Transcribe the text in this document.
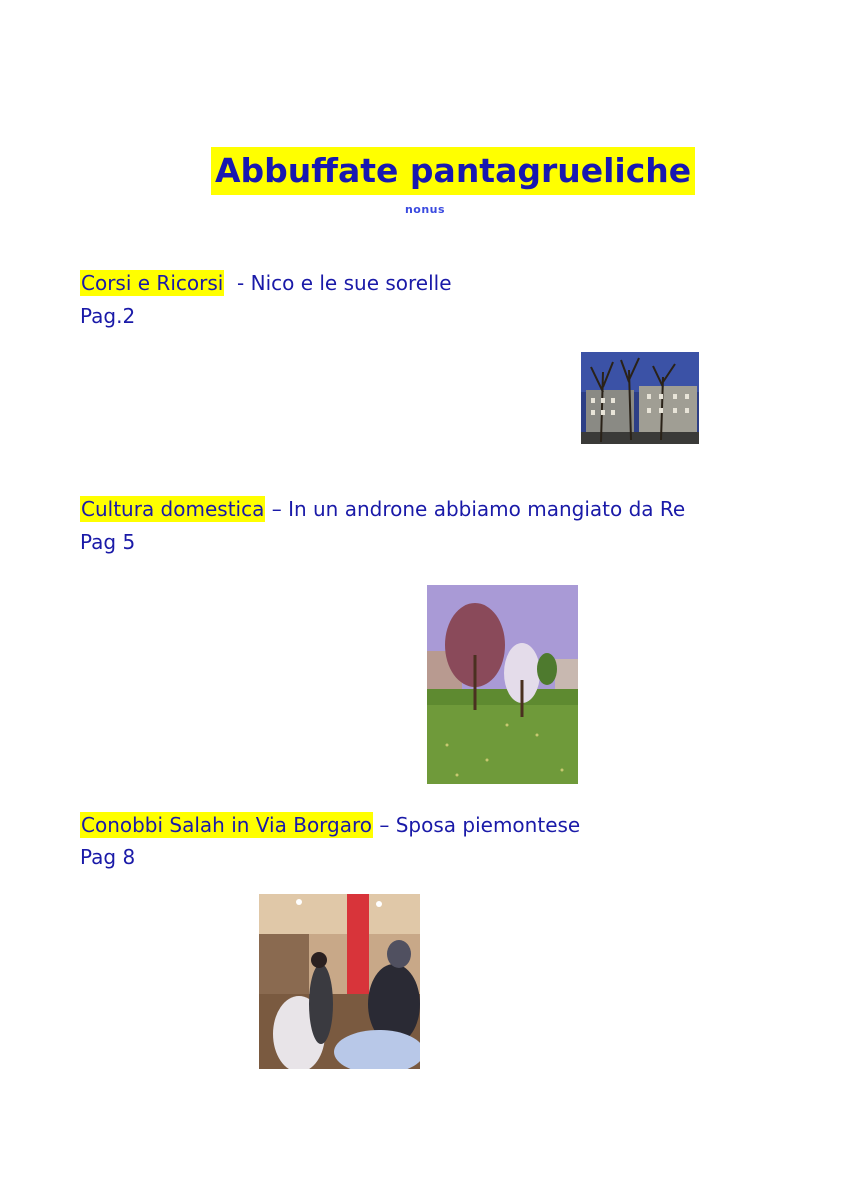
Abbuffate pantagrueliche
nonus
Corsi e Ricorsi  - Nico e le sue sorelle
Pag.2
Cultura domestica – In un androne abbiamo mangiato da Re
Pag 5
Conobbi Salah in Via Borgaro – Sposa piemontese
Pag 8
